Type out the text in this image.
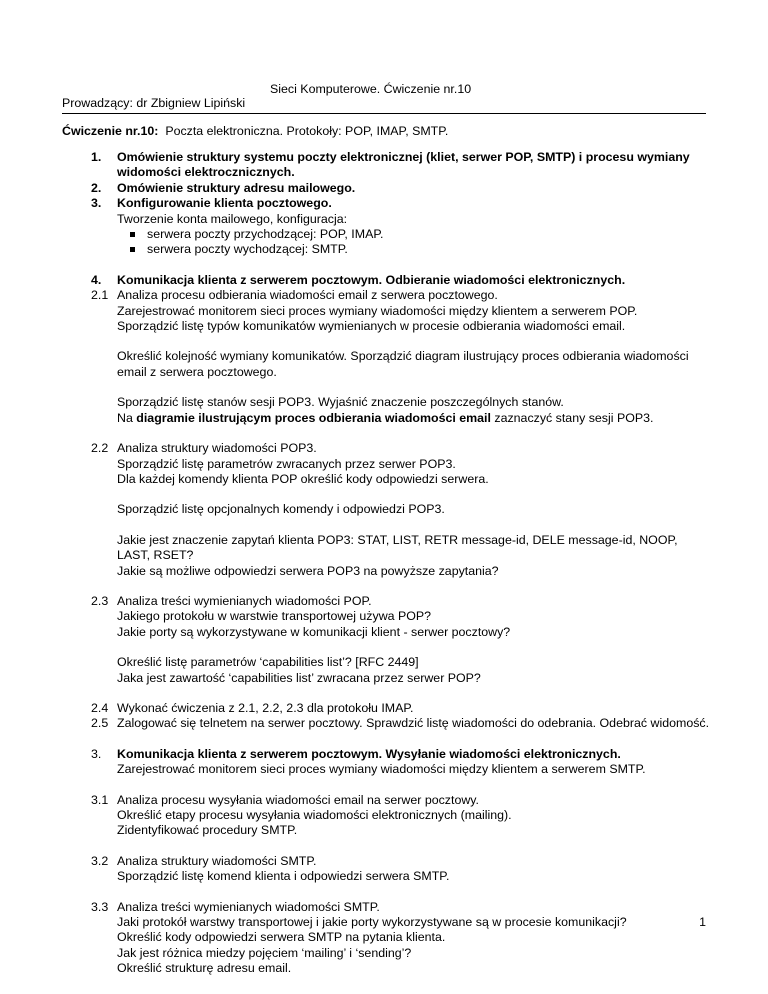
Sieci Komputerowe. Ćwiczenie nr.10
Prowadzący: dr Zbigniew Lipiński
Ćwiczenie nr.10: Poczta elektroniczna. Protokoły: POP, IMAP, SMTP.
1. Omówienie struktury systemu poczty elektronicznej (kliet, serwer POP, SMTP) i procesu wymiany widomości elektrocznicznych.
2. Omówienie struktury adresu mailowego.
3. Konfigurowanie klienta pocztowego.
Tworzenie konta mailowego, konfiguracja:
serwera poczty przychodzącej: POP, IMAP.
serwera poczty wychodzącej: SMTP.
4. Komunikacja klienta z serwerem pocztowym. Odbieranie wiadomości elektronicznych.
2.1 Analiza procesu odbierania wiadomości email z serwera pocztowego.
Zarejestrować monitorem sieci proces wymiany wiadomości między klientem a serwerem POP.
Sporządzić listę typów komunikatów wymienianych w procesie odbierania wiadomości email.
Określić kolejność wymiany komunikatów. Sporządzić diagram ilustrujący proces odbierania wiadomości email z serwera pocztowego.
Sporządzić listę stanów sesji POP3. Wyjaśnić znaczenie poszczególnych stanów.
Na diagramie ilustrującym proces odbierania wiadomości email zaznaczyć stany sesji POP3.
2.2 Analiza struktury wiadomości POP3.
Sporządzić listę parametrów zwracanych przez serwer POP3.
Dla każdej komendy klienta POP określić kody odpowiedzi serwera.
Sporządzić listę opcjonalnych komendy i odpowiedzi POP3.
Jakie jest znaczenie zapytań klienta POP3: STAT, LIST, RETR message-id, DELE message-id, NOOP, LAST, RSET?
Jakie są możliwe odpowiedzi serwera POP3 na powyższe zapytania?
2.3 Analiza treści wymienianych wiadomości POP.
Jakiego protokołu w warstwie transportowej używa POP?
Jakie porty są wykorzystywane w komunikacji klient - serwer pocztowy?
Określić listę parametrów ‘capabilities list’? [RFC 2449]
Jaka jest zawartość ‘capabilities list’ zwracana przez serwer POP?
2.4 Wykonać ćwiczenia z 2.1, 2.2, 2.3 dla protokołu IMAP.
2.5 Zalogować się telnetem na serwer pocztowy. Sprawdzić listę wiadomości do odebrania. Odebrać widomość.
3. Komunikacja klienta z serwerem pocztowym. Wysyłanie wiadomości elektronicznych.
Zarejestrować monitorem sieci proces wymiany wiadomości między klientem a serwerem SMTP.
3.1 Analiza procesu wysyłania wiadomości email na serwer pocztowy.
Określić etapy procesu wysyłania wiadomości elektronicznych (mailing).
Zidentyfikować procedury SMTP.
3.2 Analiza struktury wiadomości SMTP.
Sporządzić listę komend klienta i odpowiedzi serwera SMTP.
3.3 Analiza treści wymienianych wiadomości SMTP.
Jaki protokół warstwy transportowej i jakie porty wykorzystywane są w procesie komunikacji?
Określić kody odpowiedzi serwera SMTP na pytania klienta.
Jak jest różnica miedzy pojęciem ‘mailing’ i ‘sending’?
Określić strukturę adresu email.
1
